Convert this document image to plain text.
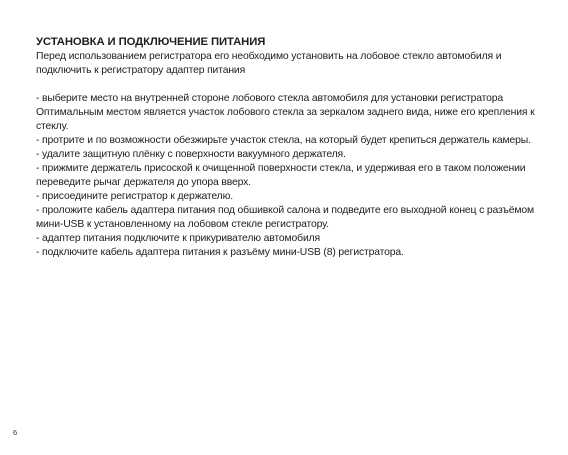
УСТАНОВКА И ПОДКЛЮЧЕНИЕ ПИТАНИЯ

Перед использованием регистратора его необходимо установить на лобовое стекло автомобиля и подключить к регистратору адаптер питания

- выберите место на внутренней стороне лобового стекла автомобиля для установки регистратора Оптимальным местом является участок лобового стекла за зеркалом заднего вида, ниже его крепления к стеклу.
- протрите и по возможности обезжирьте участок стекла, на который будет крепиться держатель камеры.
- удалите защитную плёнку с поверхности вакуумного держателя.
- прижмите держатель присоской к очищенной поверхности стекла, и удерживая его в таком положении переведите рычаг держателя до упора вверх.
- присоедините регистратор к держателю.
- проложите кабель адаптера питания под обшивкой салона и подведите его выходной конец с разъёмом мини-USB к установленному на лобовом стекле регистратору.
- адаптер питания подключите к прикуривателю автомобиля
- подключите кабель адаптера питания к разъёму мини-USB (8) регистратора.
6
